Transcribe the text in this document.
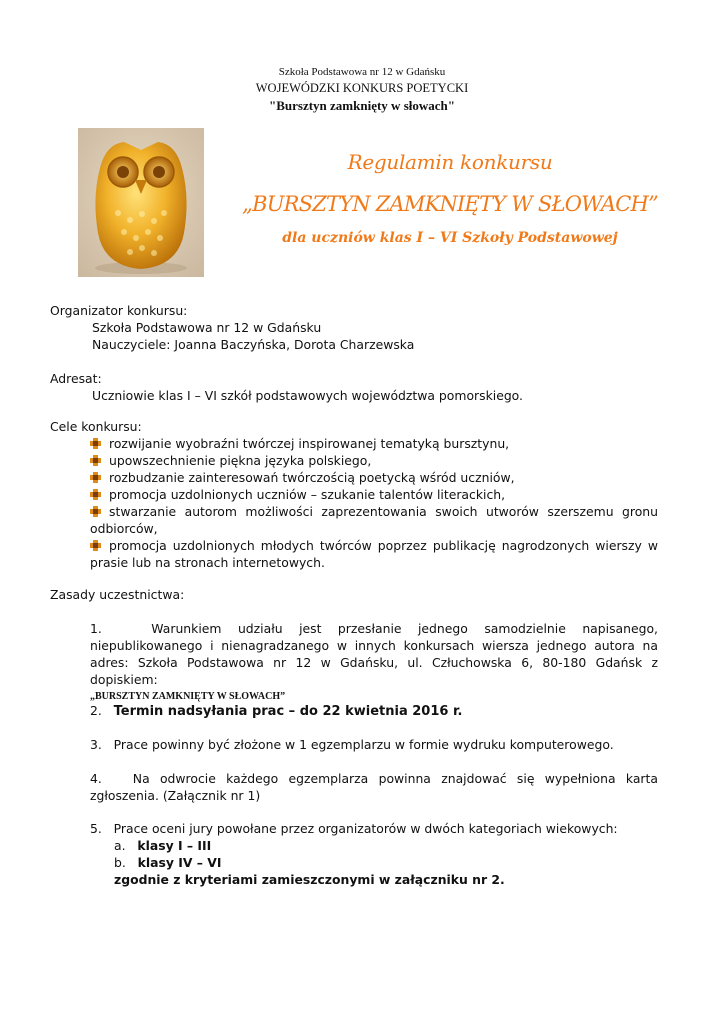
Szkoła Podstawowa nr 12 w Gdańsku
WOJEWÓDZKI KONKURS POETYCKI
"Bursztyn zamknięty w słowach"
Regulamin konkursu
„BURSZTYN ZAMKNIĘTY W SŁOWACH”
dla uczniów klas I – VI Szkoły Podstawowej
Organizator konkursu:
Szkoła Podstawowa nr 12 w Gdańsku
Nauczyciele: Joanna Baczyńska, Dorota Charzewska
Adresat:
Uczniowie klas I – VI szkół podstawowych województwa pomorskiego.
Cele konkursu:

rozwijanie wyobraźni twórczej inspirowanej tematyką bursztynu,

upowszechnienie piękna języka polskiego,

rozbudzanie zainteresowań twórczością poetycką wśród uczniów,

promocja uzdolnionych uczniów – szukanie talentów literackich,

stwarzanie autorom możliwości zaprezentowania swoich utworów szerszemu gronu odbiorców,

promocja uzdolnionych młodych twórców poprzez publikację nagrodzonych wierszy w prasie lub na stronach internetowych.

Zasady uczestnictwa:
1.	Warunkiem udziału jest przesłanie jednego samodzielnie napisanego, niepublikowanego i nienagradzanego w innych konkursach wiersza jednego autora na adres: Szkoła Podstawowa nr 12 w Gdańsku, ul. Człuchowska 6, 80-180 Gdańsk z dopiskiem:
„BURSZTYN ZAMKNIĘTY W SŁOWACH”
2. Termin nadsyłania prac – do 22 kwietnia 2016 r.
3. Prace powinny być złożone w 1 egzemplarzu w formie wydruku komputerowego.
4. Na odwrocie każdego egzemplarza powinna znajdować się wypełniona karta zgłoszenia. (Załącznik nr 1)
5. Prace oceni jury powołane przez organizatorów w dwóch kategoriach wiekowych:
a. klasy I – III
b. klasy IV – VI
zgodnie z kryteriami zamieszczonymi w załączniku nr 2.
